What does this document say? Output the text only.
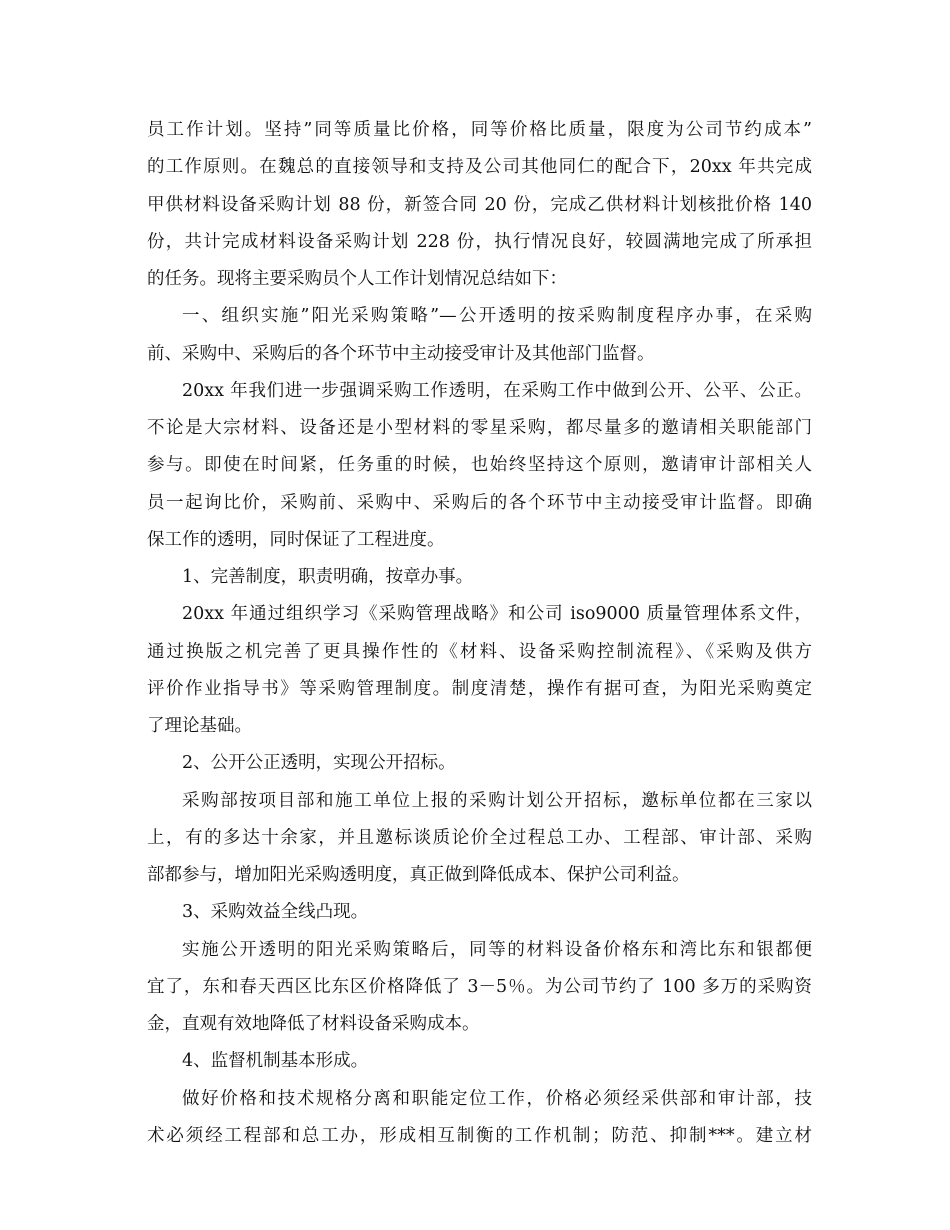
员工作计划。坚持”同等质量比价格，同等价格比质量，限度为公司节约成本”
的工作原则。在魏总的直接领导和支持及公司其他同仁的配合下，20xx 年共完成
甲供材料设备采购计划 88 份，新签合同 20 份，完成乙供材料计划核批价格 140
份，共计完成材料设备采购计划 228 份，执行情况良好，较圆满地完成了所承担
的任务。现将主要采购员个人工作计划情况总结如下：
一、组织实施”阳光采购策略”—公开透明的按采购制度程序办事，在采购
前、采购中、采购后的各个环节中主动接受审计及其他部门监督。
20xx 年我们进一步强调采购工作透明，在采购工作中做到公开、公平、公正。
不论是大宗材料、设备还是小型材料的零星采购，都尽量多的邀请相关职能部门
参与。即使在时间紧，任务重的时候，也始终坚持这个原则，邀请审计部相关人
员一起询比价，采购前、采购中、采购后的各个环节中主动接受审计监督。即确
保工作的透明，同时保证了工程进度。
1、完善制度，职责明确，按章办事。
20xx 年通过组织学习《采购管理战略》和公司 iso9000 质量管理体系文件，
通过换版之机完善了更具操作性的《材料、设备采购控制流程》、《采购及供方
评价作业指导书》等采购管理制度。制度清楚，操作有据可查，为阳光采购奠定
了理论基础。
2、公开公正透明，实现公开招标。
采购部按项目部和施工单位上报的采购计划公开招标，邀标单位都在三家以
上，有的多达十余家，并且邀标谈质论价全过程总工办、工程部、审计部、采购
部都参与，增加阳光采购透明度，真正做到降低成本、保护公司利益。
3、采购效益全线凸现。
实施公开透明的阳光采购策略后，同等的材料设备价格东和湾比东和银都便
宜了，东和春天西区比东区价格降低了 3－5％。为公司节约了 100 多万的采购资
金，直观有效地降低了材料设备采购成本。
4、监督机制基本形成。
做好价格和技术规格分离和职能定位工作，价格必须经采供部和审计部，技
术必须经工程部和总工办，形成相互制衡的工作机制；防范、抑制***。建立材
